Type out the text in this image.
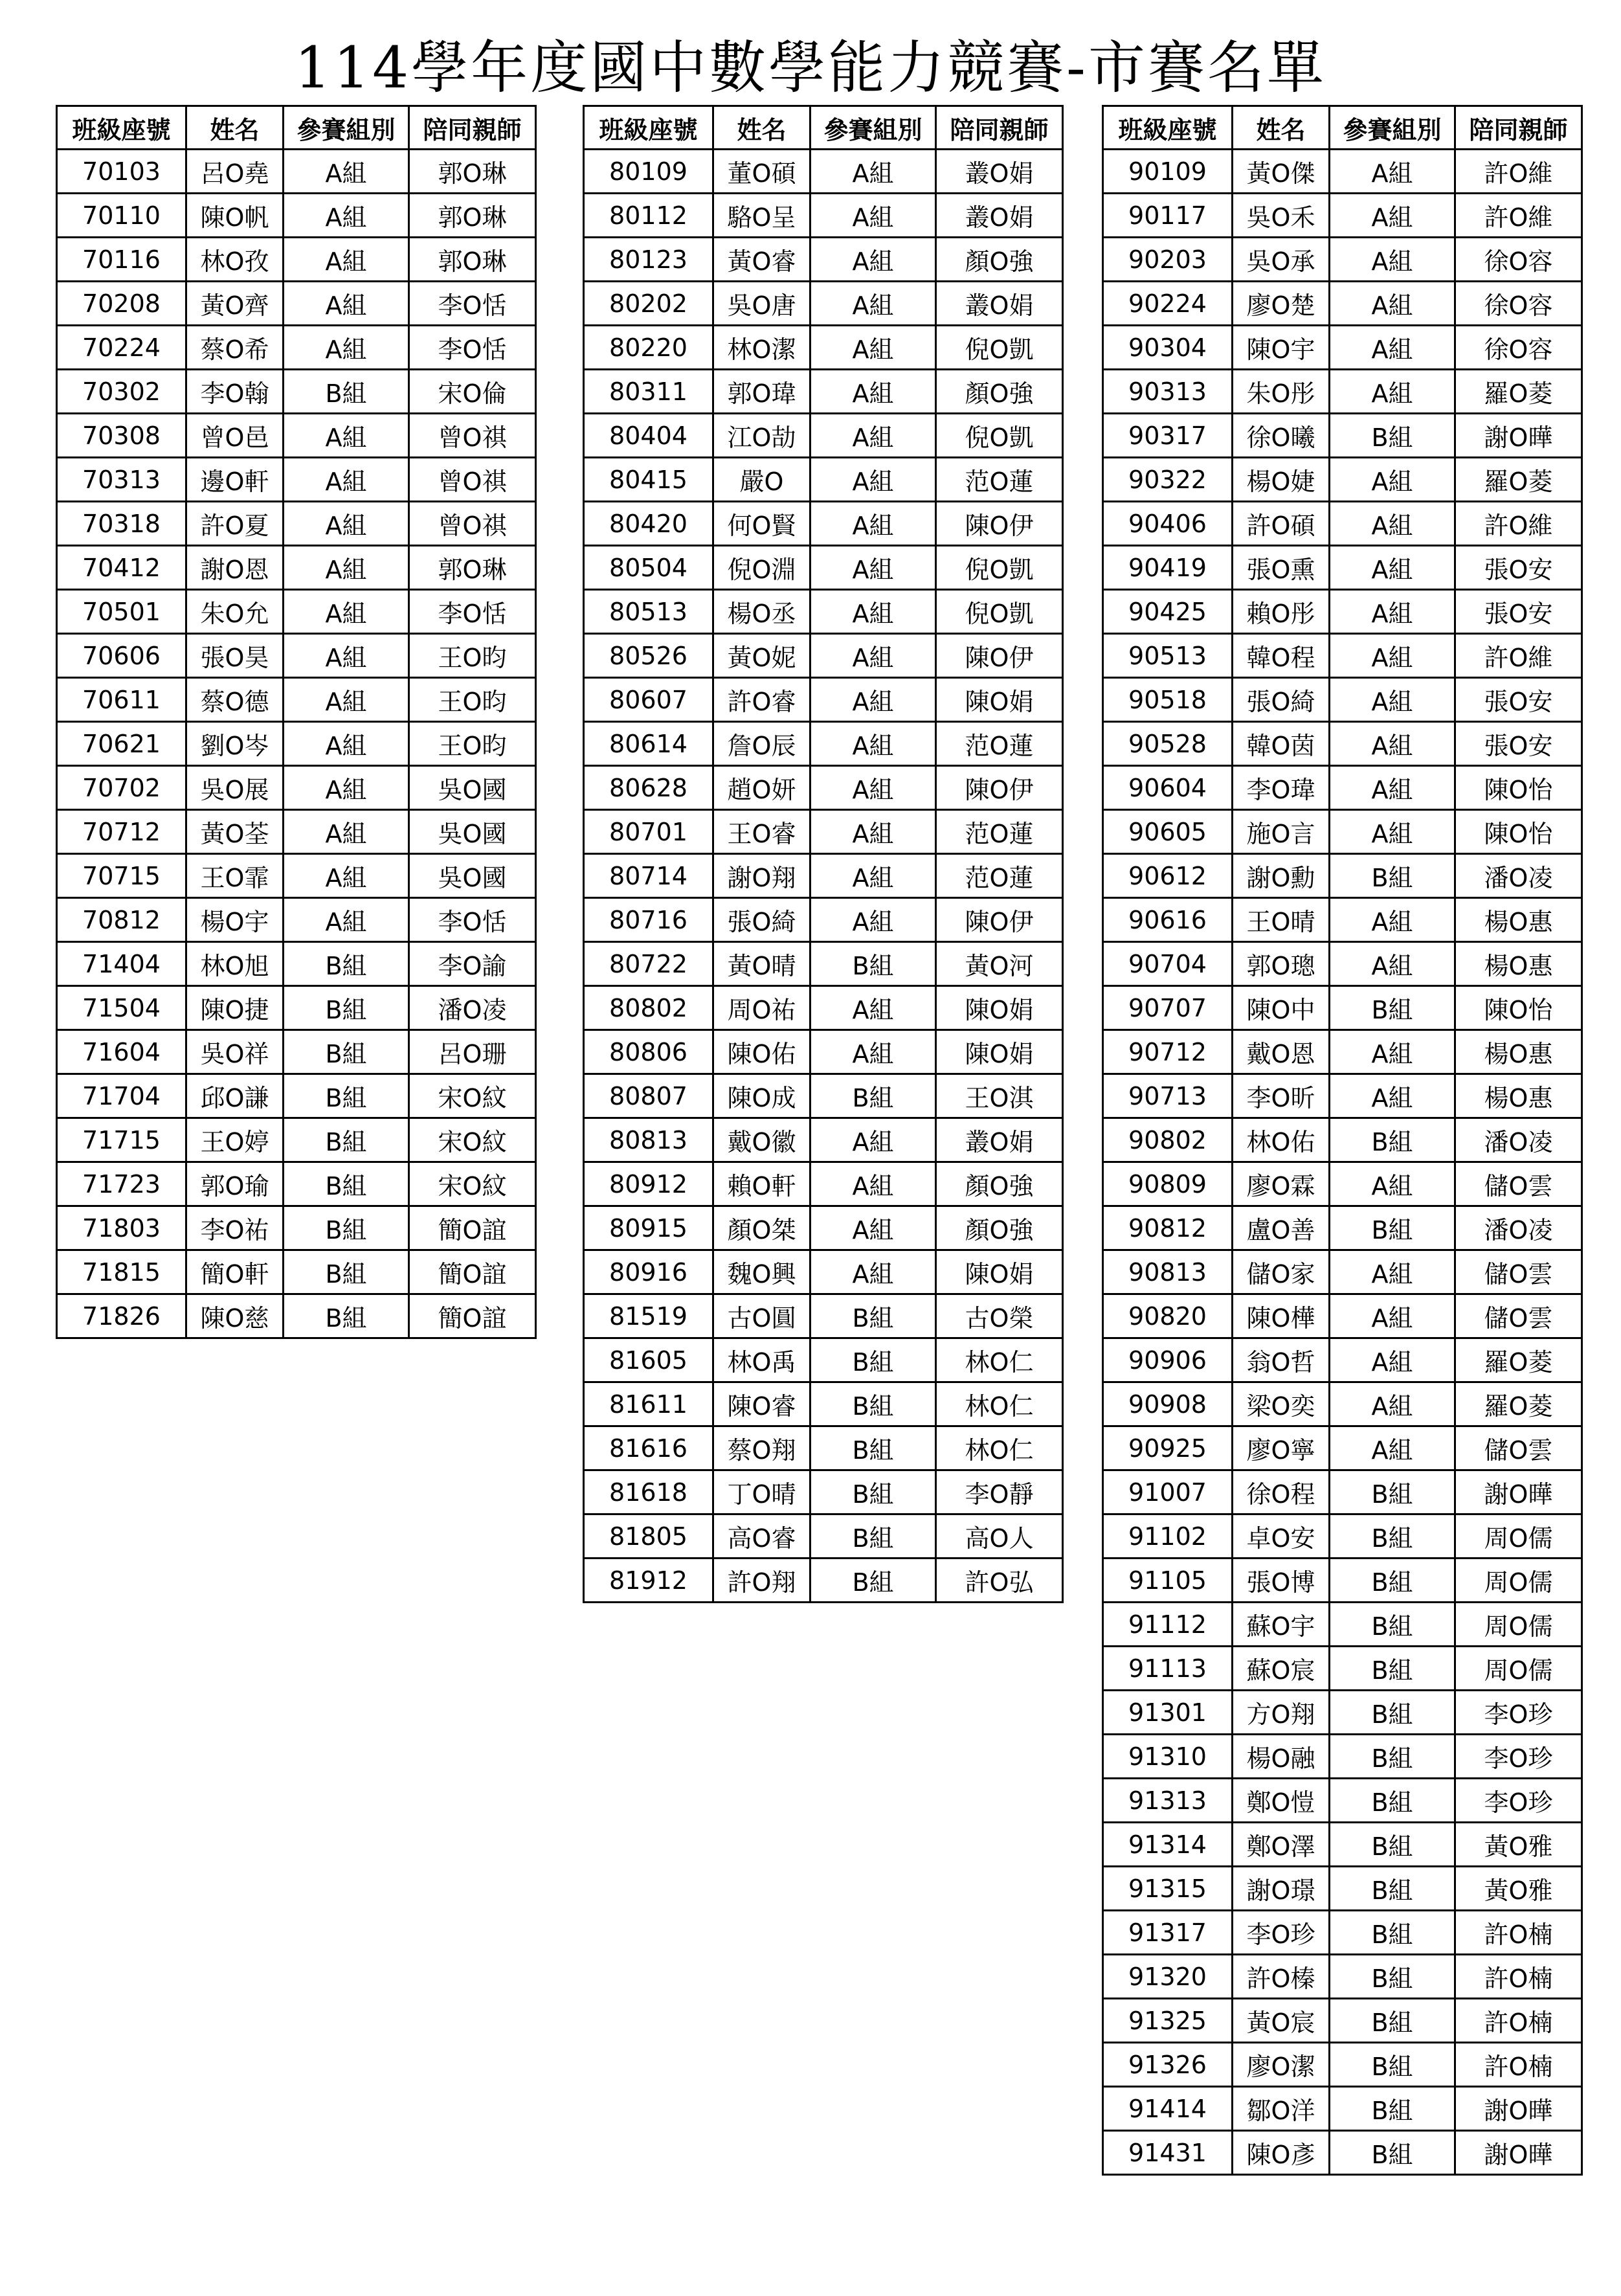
114學年度國中數學能力競賽-市賽名單
班級座號	姓名	參賽組別	陪同親師
70103	呂O堯	A組	郭O琳
70110	陳O帆	A組	郭O琳
70116	林O孜	A組	郭O琳
70208	黃O齊	A組	李O恬
70224	蔡O希	A組	李O恬
70302	李O翰	B組	宋O倫
70308	曾O邑	A組	曾O祺
70313	邊O軒	A組	曾O祺
70318	許O夏	A組	曾O祺
70412	謝O恩	A組	郭O琳
70501	朱O允	A組	李O恬
70606	張O昊	A組	王O昀
70611	蔡O德	A組	王O昀
70621	劉O岑	A組	王O昀
70702	吳O展	A組	吳O國
70712	黃O荃	A組	吳O國
70715	王O霏	A組	吳O國
70812	楊O宇	A組	李O恬
71404	林O旭	B組	李O諭
71504	陳O捷	B組	潘O凌
71604	吳O祥	B組	呂O珊
71704	邱O謙	B組	宋O紋
71715	王O婷	B組	宋O紋
71723	郭O瑜	B組	宋O紋
71803	李O祐	B組	簡O誼
71815	簡O軒	B組	簡O誼
71826	陳O慈	B組	簡O誼
班級座號	姓名	參賽組別	陪同親師
80109	董O碩	A組	叢O娟
80112	駱O呈	A組	叢O娟
80123	黃O睿	A組	顏O強
80202	吳O唐	A組	叢O娟
80220	林O潔	A組	倪O凱
80311	郭O瑋	A組	顏O強
80404	江O劼	A組	倪O凱
80415	嚴O	A組	范O蓮
80420	何O賢	A組	陳O伊
80504	倪O淵	A組	倪O凱
80513	楊O丞	A組	倪O凱
80526	黃O妮	A組	陳O伊
80607	許O睿	A組	陳O娟
80614	詹O辰	A組	范O蓮
80628	趙O妍	A組	陳O伊
80701	王O睿	A組	范O蓮
80714	謝O翔	A組	范O蓮
80716	張O綺	A組	陳O伊
80722	黃O晴	B組	黃O河
80802	周O祐	A組	陳O娟
80806	陳O佑	A組	陳O娟
80807	陳O成	B組	王O淇
80813	戴O徽	A組	叢O娟
80912	賴O軒	A組	顏O強
80915	顏O桀	A組	顏O強
80916	魏O興	A組	陳O娟
81519	古O圓	B組	古O榮
81605	林O禹	B組	林O仁
81611	陳O睿	B組	林O仁
81616	蔡O翔	B組	林O仁
81618	丁O晴	B組	李O靜
81805	高O睿	B組	高O人
81912	許O翔	B組	許O弘
班級座號	姓名	參賽組別	陪同親師
90109	黃O傑	A組	許O維
90117	吳O禾	A組	許O維
90203	吳O承	A組	徐O容
90224	廖O楚	A組	徐O容
90304	陳O宇	A組	徐O容
90313	朱O彤	A組	羅O菱
90317	徐O曦	B組	謝O曄
90322	楊O婕	A組	羅O菱
90406	許O碩	A組	許O維
90419	張O熏	A組	張O安
90425	賴O彤	A組	張O安
90513	韓O程	A組	許O維
90518	張O綺	A組	張O安
90528	韓O茵	A組	張O安
90604	李O瑋	A組	陳O怡
90605	施O言	A組	陳O怡
90612	謝O勳	B組	潘O凌
90616	王O晴	A組	楊O惠
90704	郭O璁	A組	楊O惠
90707	陳O中	B組	陳O怡
90712	戴O恩	A組	楊O惠
90713	李O昕	A組	楊O惠
90802	林O佑	B組	潘O凌
90809	廖O霖	A組	儲O雲
90812	盧O善	B組	潘O凌
90813	儲O家	A組	儲O雲
90820	陳O樺	A組	儲O雲
90906	翁O哲	A組	羅O菱
90908	梁O奕	A組	羅O菱
90925	廖O寧	A組	儲O雲
91007	徐O程	B組	謝O曄
91102	卓O安	B組	周O儒
91105	張O博	B組	周O儒
91112	蘇O宇	B組	周O儒
91113	蘇O宸	B組	周O儒
91301	方O翔	B組	李O珍
91310	楊O融	B組	李O珍
91313	鄭O愷	B組	李O珍
91314	鄭O澤	B組	黃O雅
91315	謝O璟	B組	黃O雅
91317	李O珍	B組	許O楠
91320	許O榛	B組	許O楠
91325	黃O宸	B組	許O楠
91326	廖O潔	B組	許O楠
91414	鄒O洋	B組	謝O曄
91431	陳O彥	B組	謝O曄
